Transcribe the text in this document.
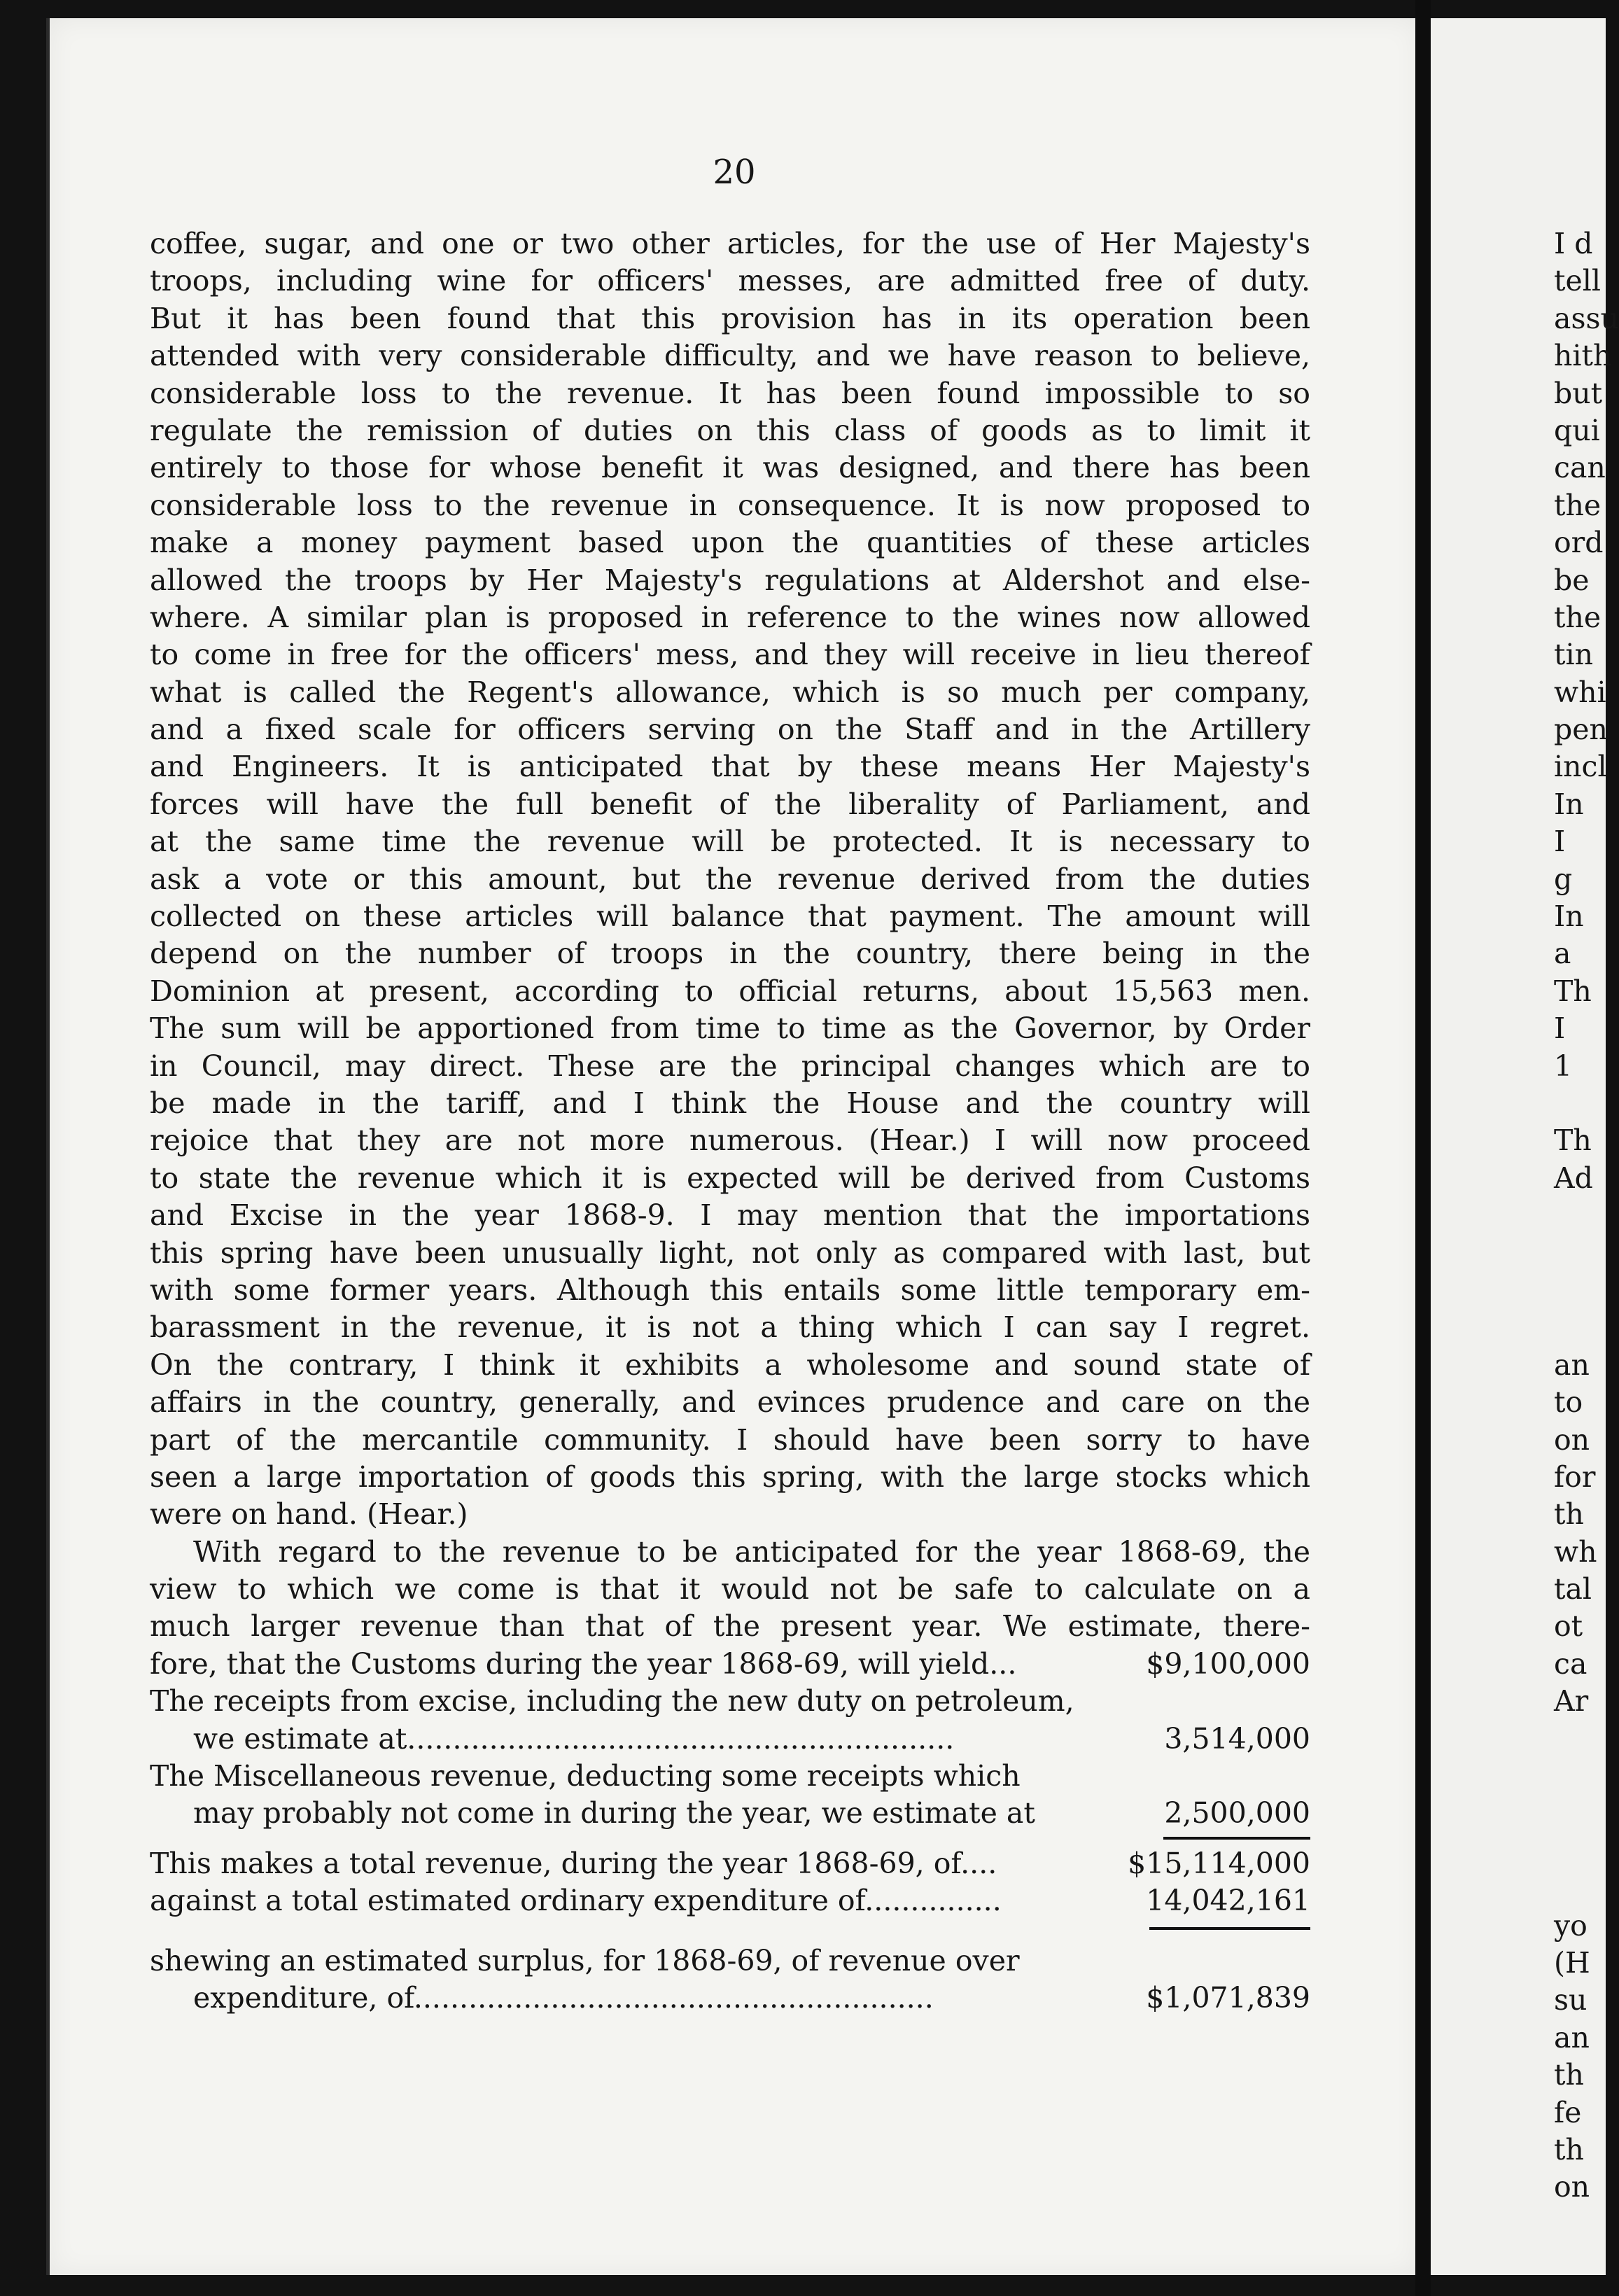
20
coffee, sugar, and one or two other articles, for the use of Her Majesty's
troops, including wine for officers' messes, are admitted free of duty.
But it has been found that this provision has in its operation been
attended with very considerable difficulty, and we have reason to believe,
considerable loss to the revenue. It has been found impossible to so
regulate the remission of duties on this class of goods as to limit it
entirely to those for whose benefit it was designed, and there has been
considerable loss to the revenue in consequence. It is now proposed to
make a money payment based upon the quantities of these articles
allowed the troops by Her Majesty's regulations at Aldershot and else-
where. A similar plan is proposed in reference to the wines now allowed
to come in free for the officers' mess, and they will receive in lieu thereof
what is called the Regent's allowance, which is so much per company,
and a fixed scale for officers serving on the Staff and in the Artillery
and Engineers. It is anticipated that by these means Her Majesty's
forces will have the full benefit of the liberality of Parliament, and
at the same time the revenue will be protected. It is necessary to
ask a vote or this amount, but the revenue derived from the duties
collected on these articles will balance that payment. The amount will
depend on the number of troops in the country, there being in the
Dominion at present, according to official returns, about 15,563 men.
The sum will be apportioned from time to time as the Governor, by Order
in Council, may direct. These are the principal changes which are to
be made in the tariff, and I think the House and the country will
rejoice that they are not more numerous. (Hear.) I will now proceed
to state the revenue which it is expected will be derived from Customs
and Excise in the year 1868-9. I may mention that the importations
this spring have been unusually light, not only as compared with last, but
with some former years. Although this entails some little temporary em-
barassment in the revenue, it is not a thing which I can say I regret.
On the contrary, I think it exhibits a wholesome and sound state of
affairs in the country, generally, and evinces prudence and care on the
part of the mercantile community. I should have been sorry to have
seen a large importation of goods this spring, with the large stocks which
were on hand. (Hear.)
With regard to the revenue to be anticipated for the year 1868-69, the
view to which we come is that it would not be safe to calculate on a
much larger revenue than that of the present year. We estimate, there-
fore, that the Customs during the year 1868-69, will yield...	$9,100,000
The receipts from excise, including the new duty on petroleum,
we estimate at............................................................	3,514,000
The Miscellaneous revenue, deducting some receipts which
may probably not come in during the year, we estimate at	2,500,000
This makes a total revenue, during the year 1868-69, of....	$15,114,000
against a total estimated ordinary expenditure of...............	14,042,161
shewing an estimated surplus, for 1868-69, of revenue over
expenditure, of.........................................................	$1,071,839
I d
tell
assu
hith
but
qui
can
the
ord
be
the
tin
whi
pen
incl
In
I
g
In
a
Th
I
1
Th
Ad
an
to
on
for
th
wh
tal
ot
ca
Ar
yo
(H
su
an
th
fe
th
on
